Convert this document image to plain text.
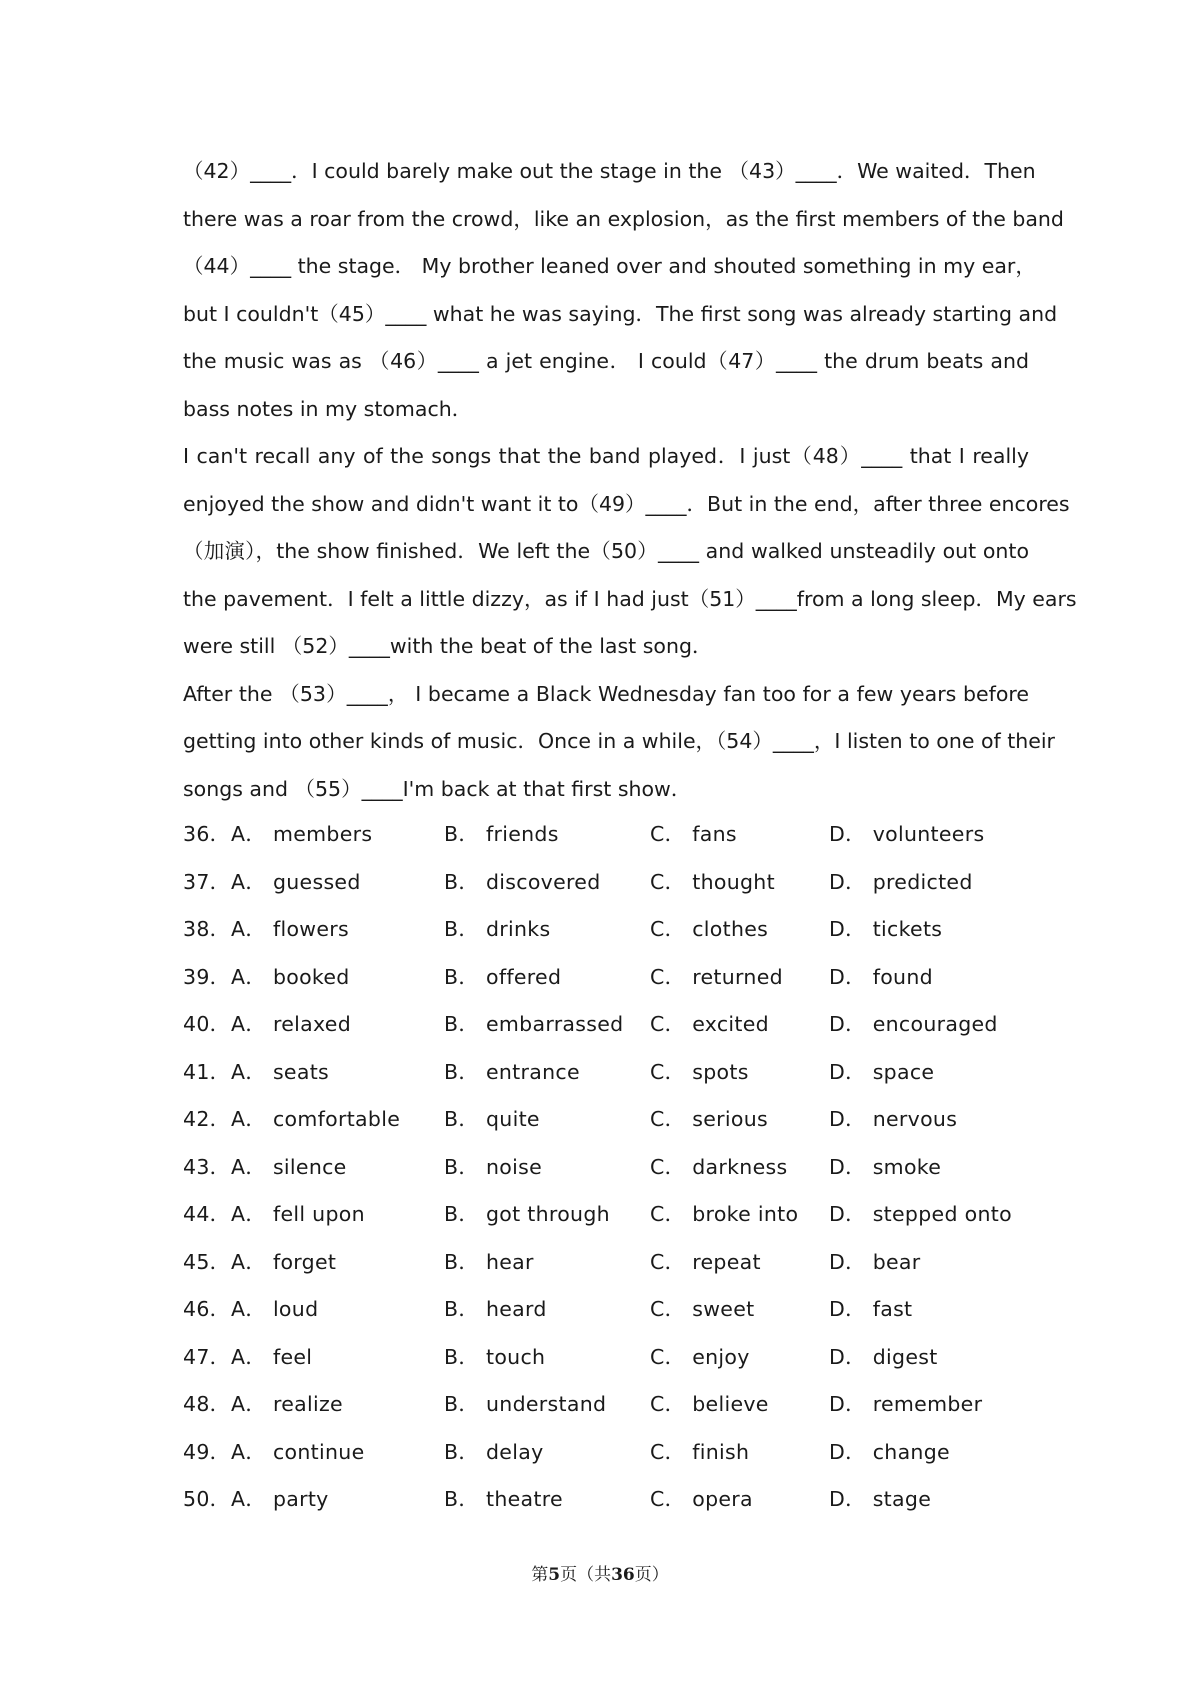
（42）____．I could barely make out the stage in the （43）____．We waited．Then
there was a roar from the crowd，like an explosion，as the first members of the band
（44）____ the stage． My brother leaned over and shouted something in my ear，
but I couldn't（45）____ what he was saying．The first song was already starting and
the music was as （46）____ a jet engine． I could（47）____ the drum beats and
bass notes in my stomach．
I can't recall any of the songs that the band played．I just（48）____ that I really
enjoyed the show and didn't want it to（49）____．But in the end，after three encores
（加演），the show finished．We left the（50）____ and walked unsteadily out onto
the pavement．I felt a little dizzy，as if I had just（51）____from a long sleep．My ears
were still （52）____with the beat of the last song．
After the （53）____， I became a Black Wednesday fan too for a few years before
getting into other kinds of music．Once in a while，（54）____，I listen to one of their
songs and （55）____I'm back at that first show．
36． A． members	B． friends	C． fans	D． volunteers
37． A． guessed	B． discovered C． thought	D． predicted
38． A． flowers	B． drinks	C． clothes	D． tickets
39． A． booked	B． offered	C． returned D． found
40． A． relaxed	B． embarrassed C． excited	D． encouraged
41． A． seats	B． entrance	C． spots	D． space
42． A． comfortable B． quite	C． serious	D． nervous
43． A． silence	B． noise	C． darkness D． smoke
44． A． fell upon	B． got through C． broke into D． stepped onto
45． A． forget	B． hear	C． repeat	D． bear
46． A． loud	B． heard	C． sweet	D． fast
47． A． feel	B． touch	C． enjoy	D． digest
48． A． realize	B． understand C． believe	D． remember
49． A． continue	B． delay	C． finish	D． change
50． A． party	B． theatre	C． opera	D． stage
第5页（共36页）
